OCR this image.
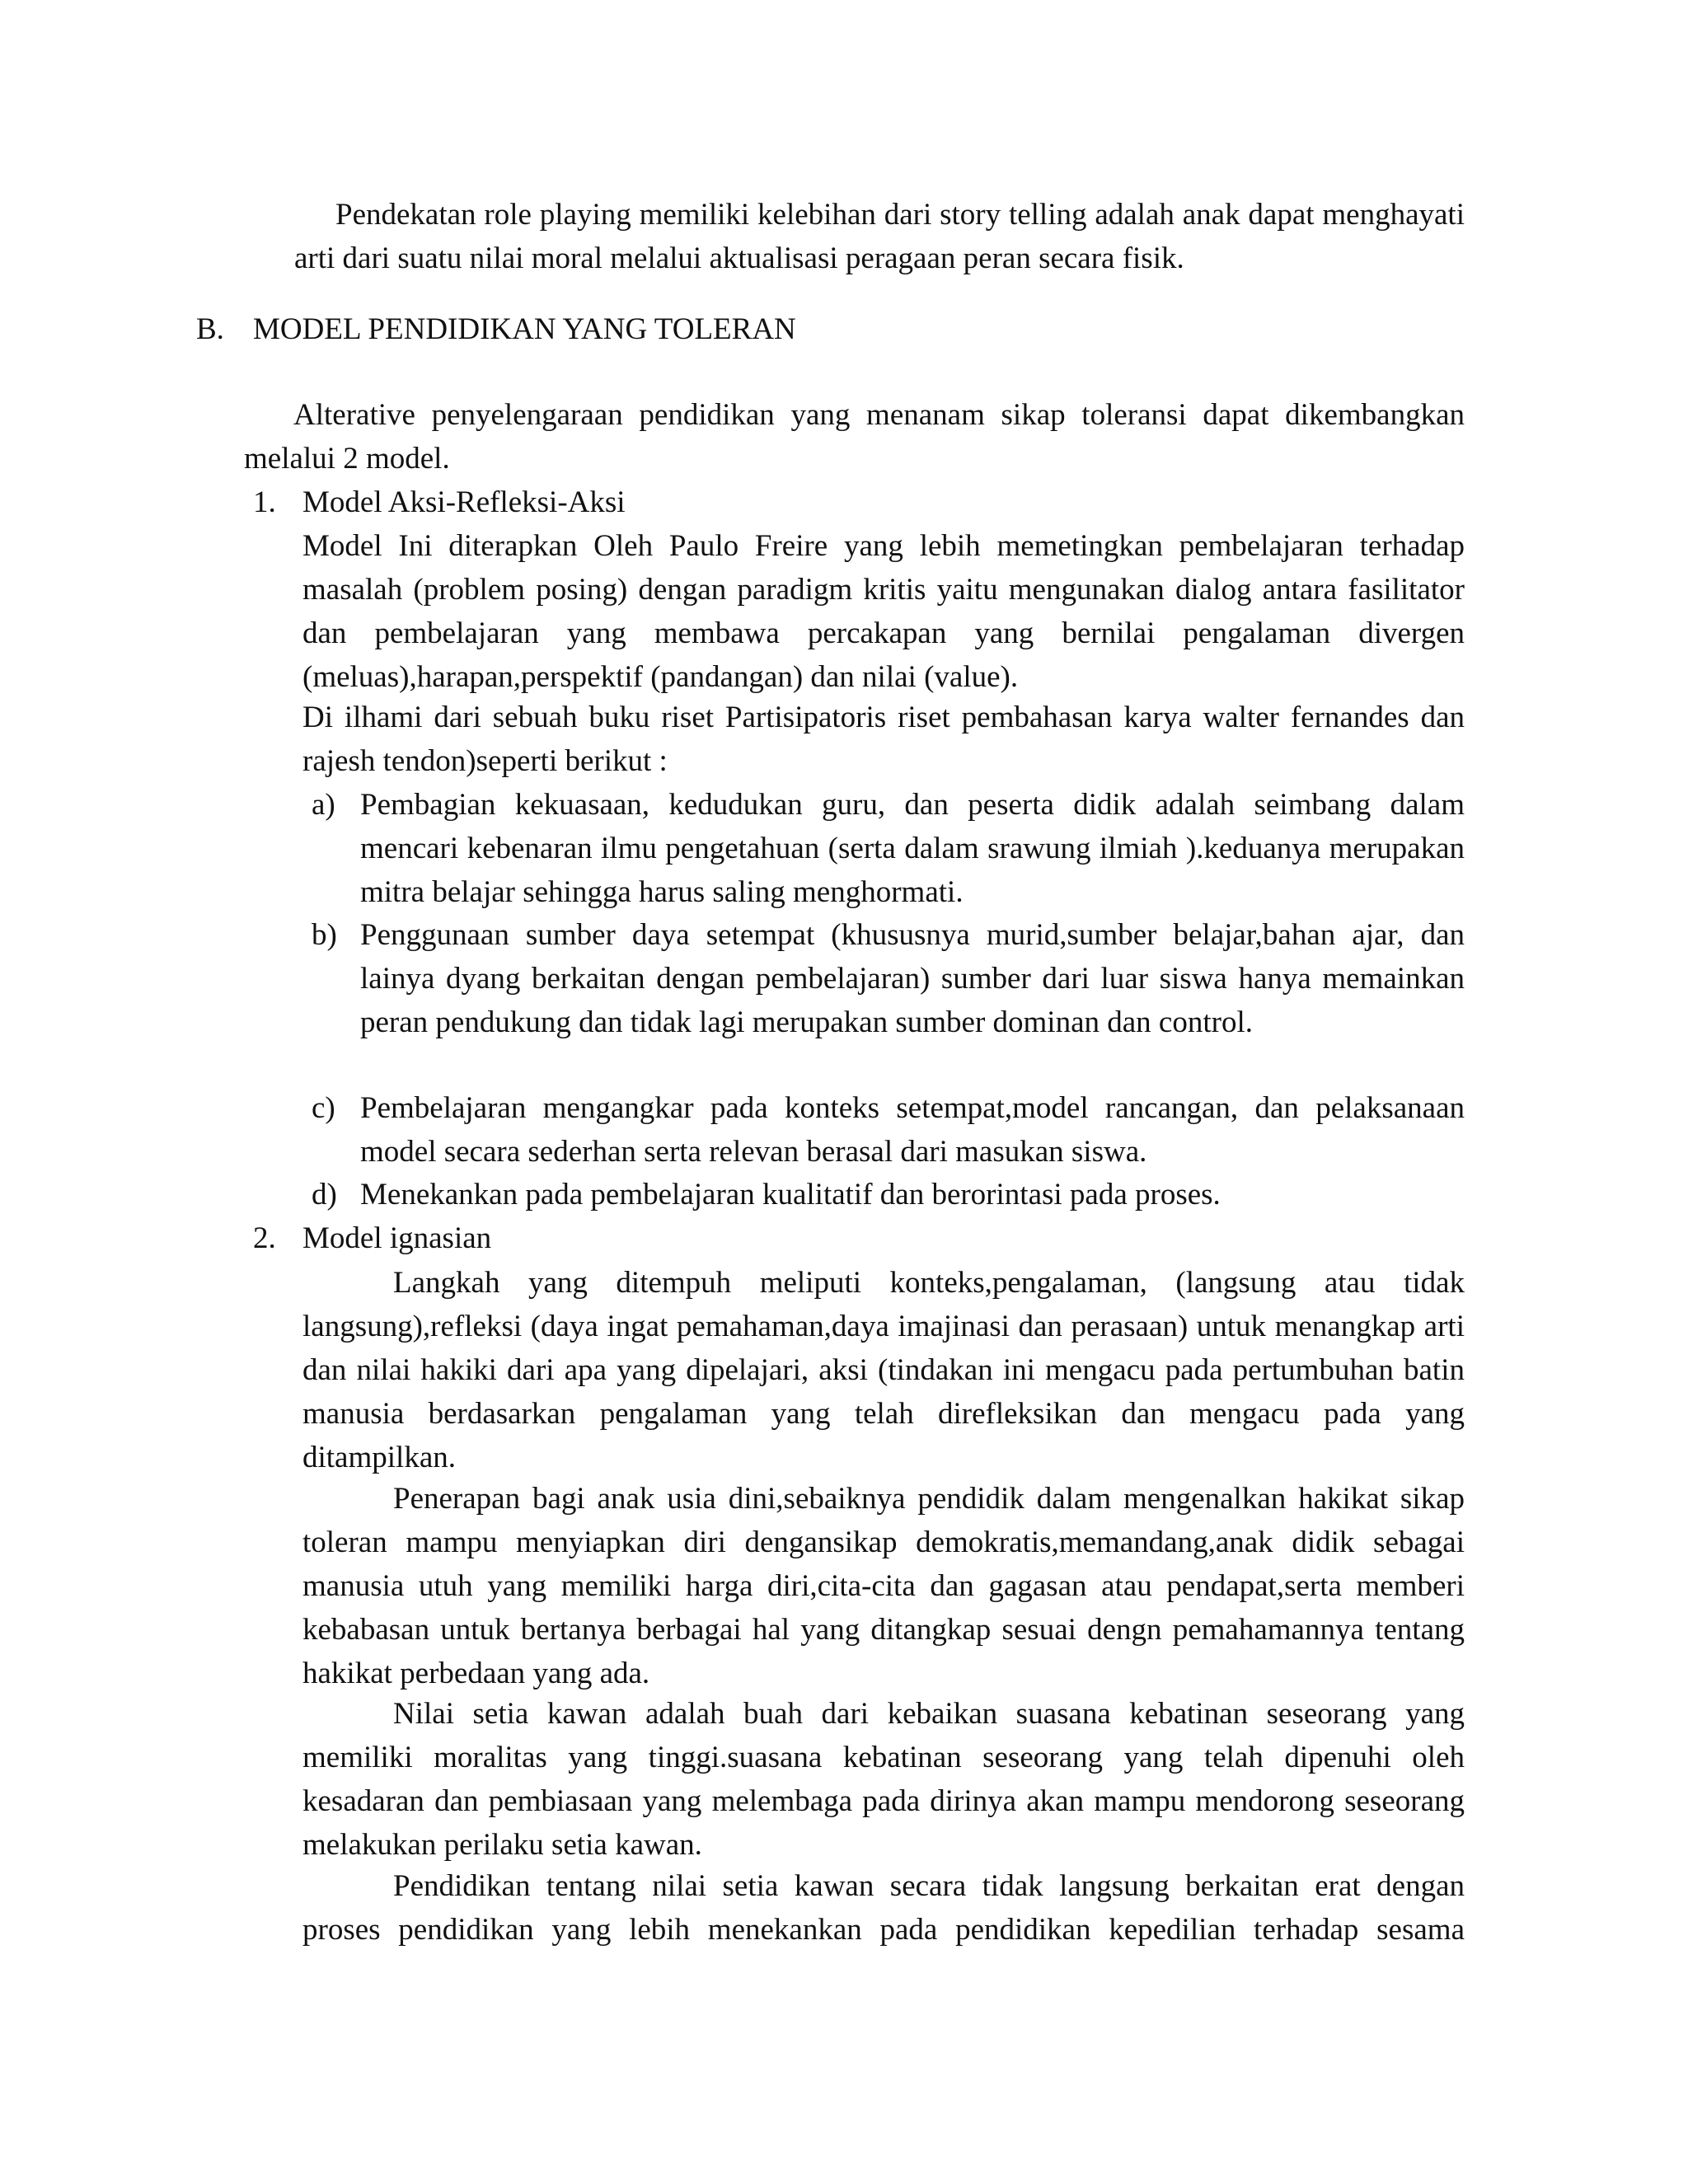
Pendekatan role playing memiliki kelebihan dari story telling adalah anak dapat menghayati arti dari suatu nilai moral melalui aktualisasi peragaan peran secara fisik.

B. MODEL PENDIDIKAN YANG TOLERAN

Alterative penyelengaraan pendidikan yang menanam sikap toleransi dapat dikembangkan melalui 2 model.

1. Model Aksi-Refleksi-Aksi

Model Ini diterapkan Oleh Paulo Freire yang lebih memetingkan pembelajaran terhadap masalah (problem posing) dengan paradigm kritis yaitu mengunakan dialog antara fasilitator dan pembelajaran yang membawa percakapan yang bernilai pengalaman divergen (meluas),harapan,perspektif (pandangan) dan nilai (value).

Di ilhami dari sebuah buku riset Partisipatoris riset pembahasan karya walter fernandes dan rajesh tendon)seperti berikut :

a) Pembagian kekuasaan, kedudukan guru, dan peserta didik adalah seimbang dalam mencari kebenaran ilmu pengetahuan (serta dalam srawung ilmiah ).keduanya merupakan mitra belajar sehingga harus saling menghormati.

b) Penggunaan sumber daya setempat (khususnya murid,sumber belajar,bahan ajar, dan lainya dyang berkaitan dengan pembelajaran) sumber dari luar siswa hanya memainkan peran pendukung dan tidak lagi merupakan sumber dominan dan control.

c) Pembelajaran mengangkar pada konteks setempat,model rancangan, dan pelaksanaan model secara sederhan serta relevan berasal dari masukan siswa.

d) Menekankan pada pembelajaran kualitatif dan berorintasi pada proses.

2. Model ignasian

Langkah yang ditempuh meliputi konteks,pengalaman, (langsung atau tidak langsung),refleksi (daya ingat pemahaman,daya imajinasi dan perasaan) untuk menangkap arti dan nilai hakiki dari apa yang dipelajari, aksi (tindakan ini mengacu pada pertumbuhan batin manusia berdasarkan pengalaman yang telah direfleksikan dan mengacu pada yang ditampilkan.

Penerapan bagi anak usia dini,sebaiknya pendidik dalam mengenalkan hakikat sikap toleran mampu menyiapkan diri dengansikap demokratis,memandang,anak didik sebagai manusia utuh yang memiliki harga diri,cita-cita dan gagasan atau pendapat,serta memberi kebabasan untuk bertanya berbagai hal yang ditangkap sesuai dengn pemahamannya tentang hakikat perbedaan yang ada.

Nilai setia kawan adalah buah dari kebaikan suasana kebatinan seseorang yang memiliki moralitas yang tinggi.suasana kebatinan seseorang yang telah dipenuhi oleh kesadaran dan pembiasaan yang melembaga pada dirinya akan mampu mendorong seseorang melakukan perilaku setia kawan.

Pendidikan tentang nilai setia kawan secara tidak langsung berkaitan erat dengan proses pendidikan yang lebih menekankan pada pendidikan kepedilian terhadap sesama
